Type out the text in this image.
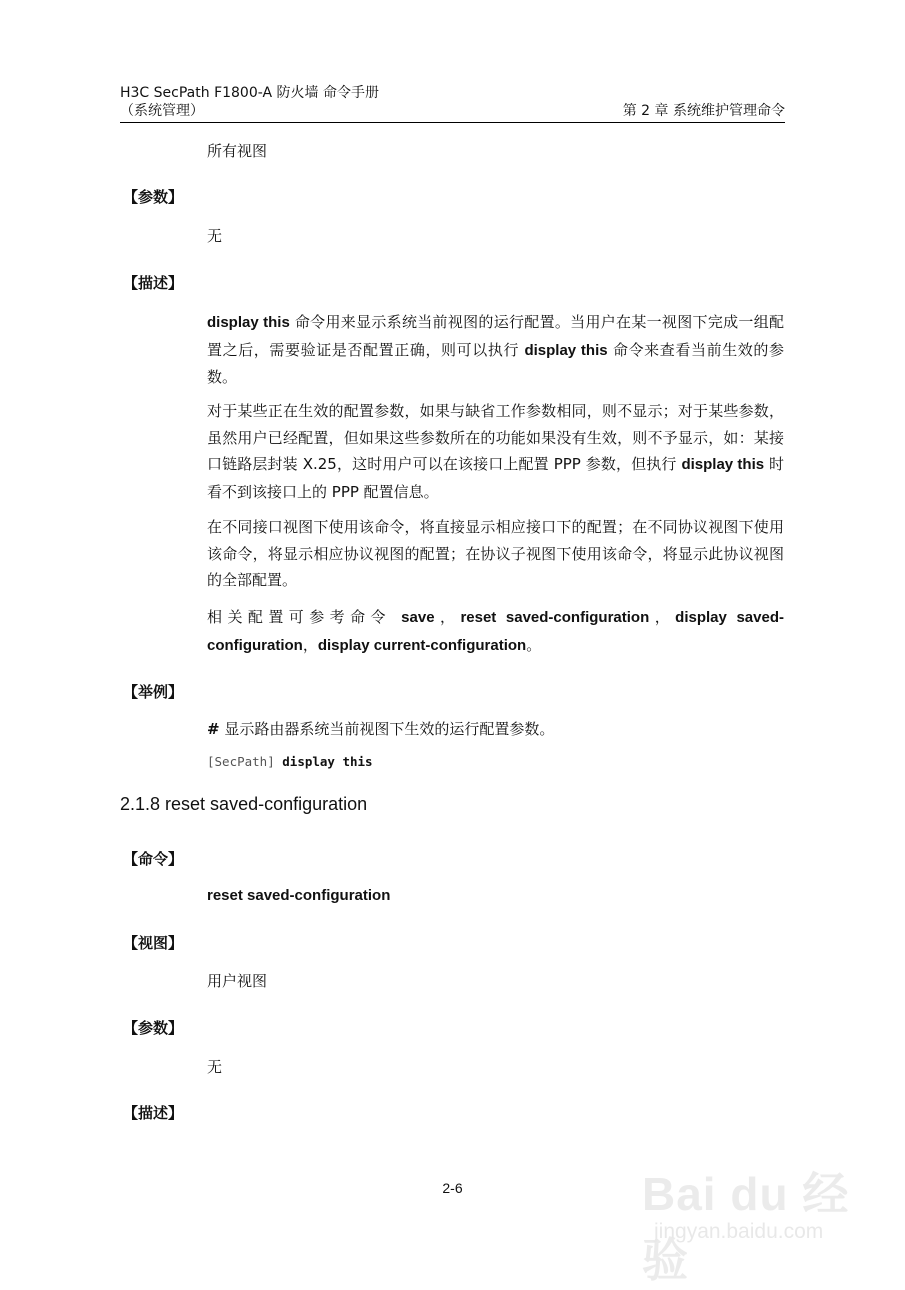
H3C SecPath F1800-A 防火墙 命令手册
（系统管理）	第 2 章 系统维护管理命令
所有视图
【参数】
无
【描述】
display this 命令用来显示系统当前视图的运行配置。当用户在某一视图下完成一组配置之后，需要验证是否配置正确，则可以执行 display this 命令来查看当前生效的参数。
对于某些正在生效的配置参数，如果与缺省工作参数相同，则不显示；对于某些参数，虽然用户已经配置，但如果这些参数所在的功能如果没有生效，则不予显示，如：某接口链路层封装 X.25，这时用户可以在该接口上配置 PPP 参数，但执行 display this 时看不到该接口上的 PPP 配置信息。
在不同接口视图下使用该命令，将直接显示相应接口下的配置；在不同协议视图下使用该命令，将显示相应协议视图的配置；在协议子视图下使用该命令，将显示此协议视图的全部配置。
相关配置可参考命令 save，reset saved-configuration，display saved-configuration，display current-configuration。
【举例】
# 显示路由器系统当前视图下生效的运行配置参数。
[SecPath] display this
2.1.8 reset saved-configuration
【命令】
reset saved-configuration
【视图】
用户视图
【参数】
无
【描述】
2-6	Bai du 经验
jingyan.baidu.com
